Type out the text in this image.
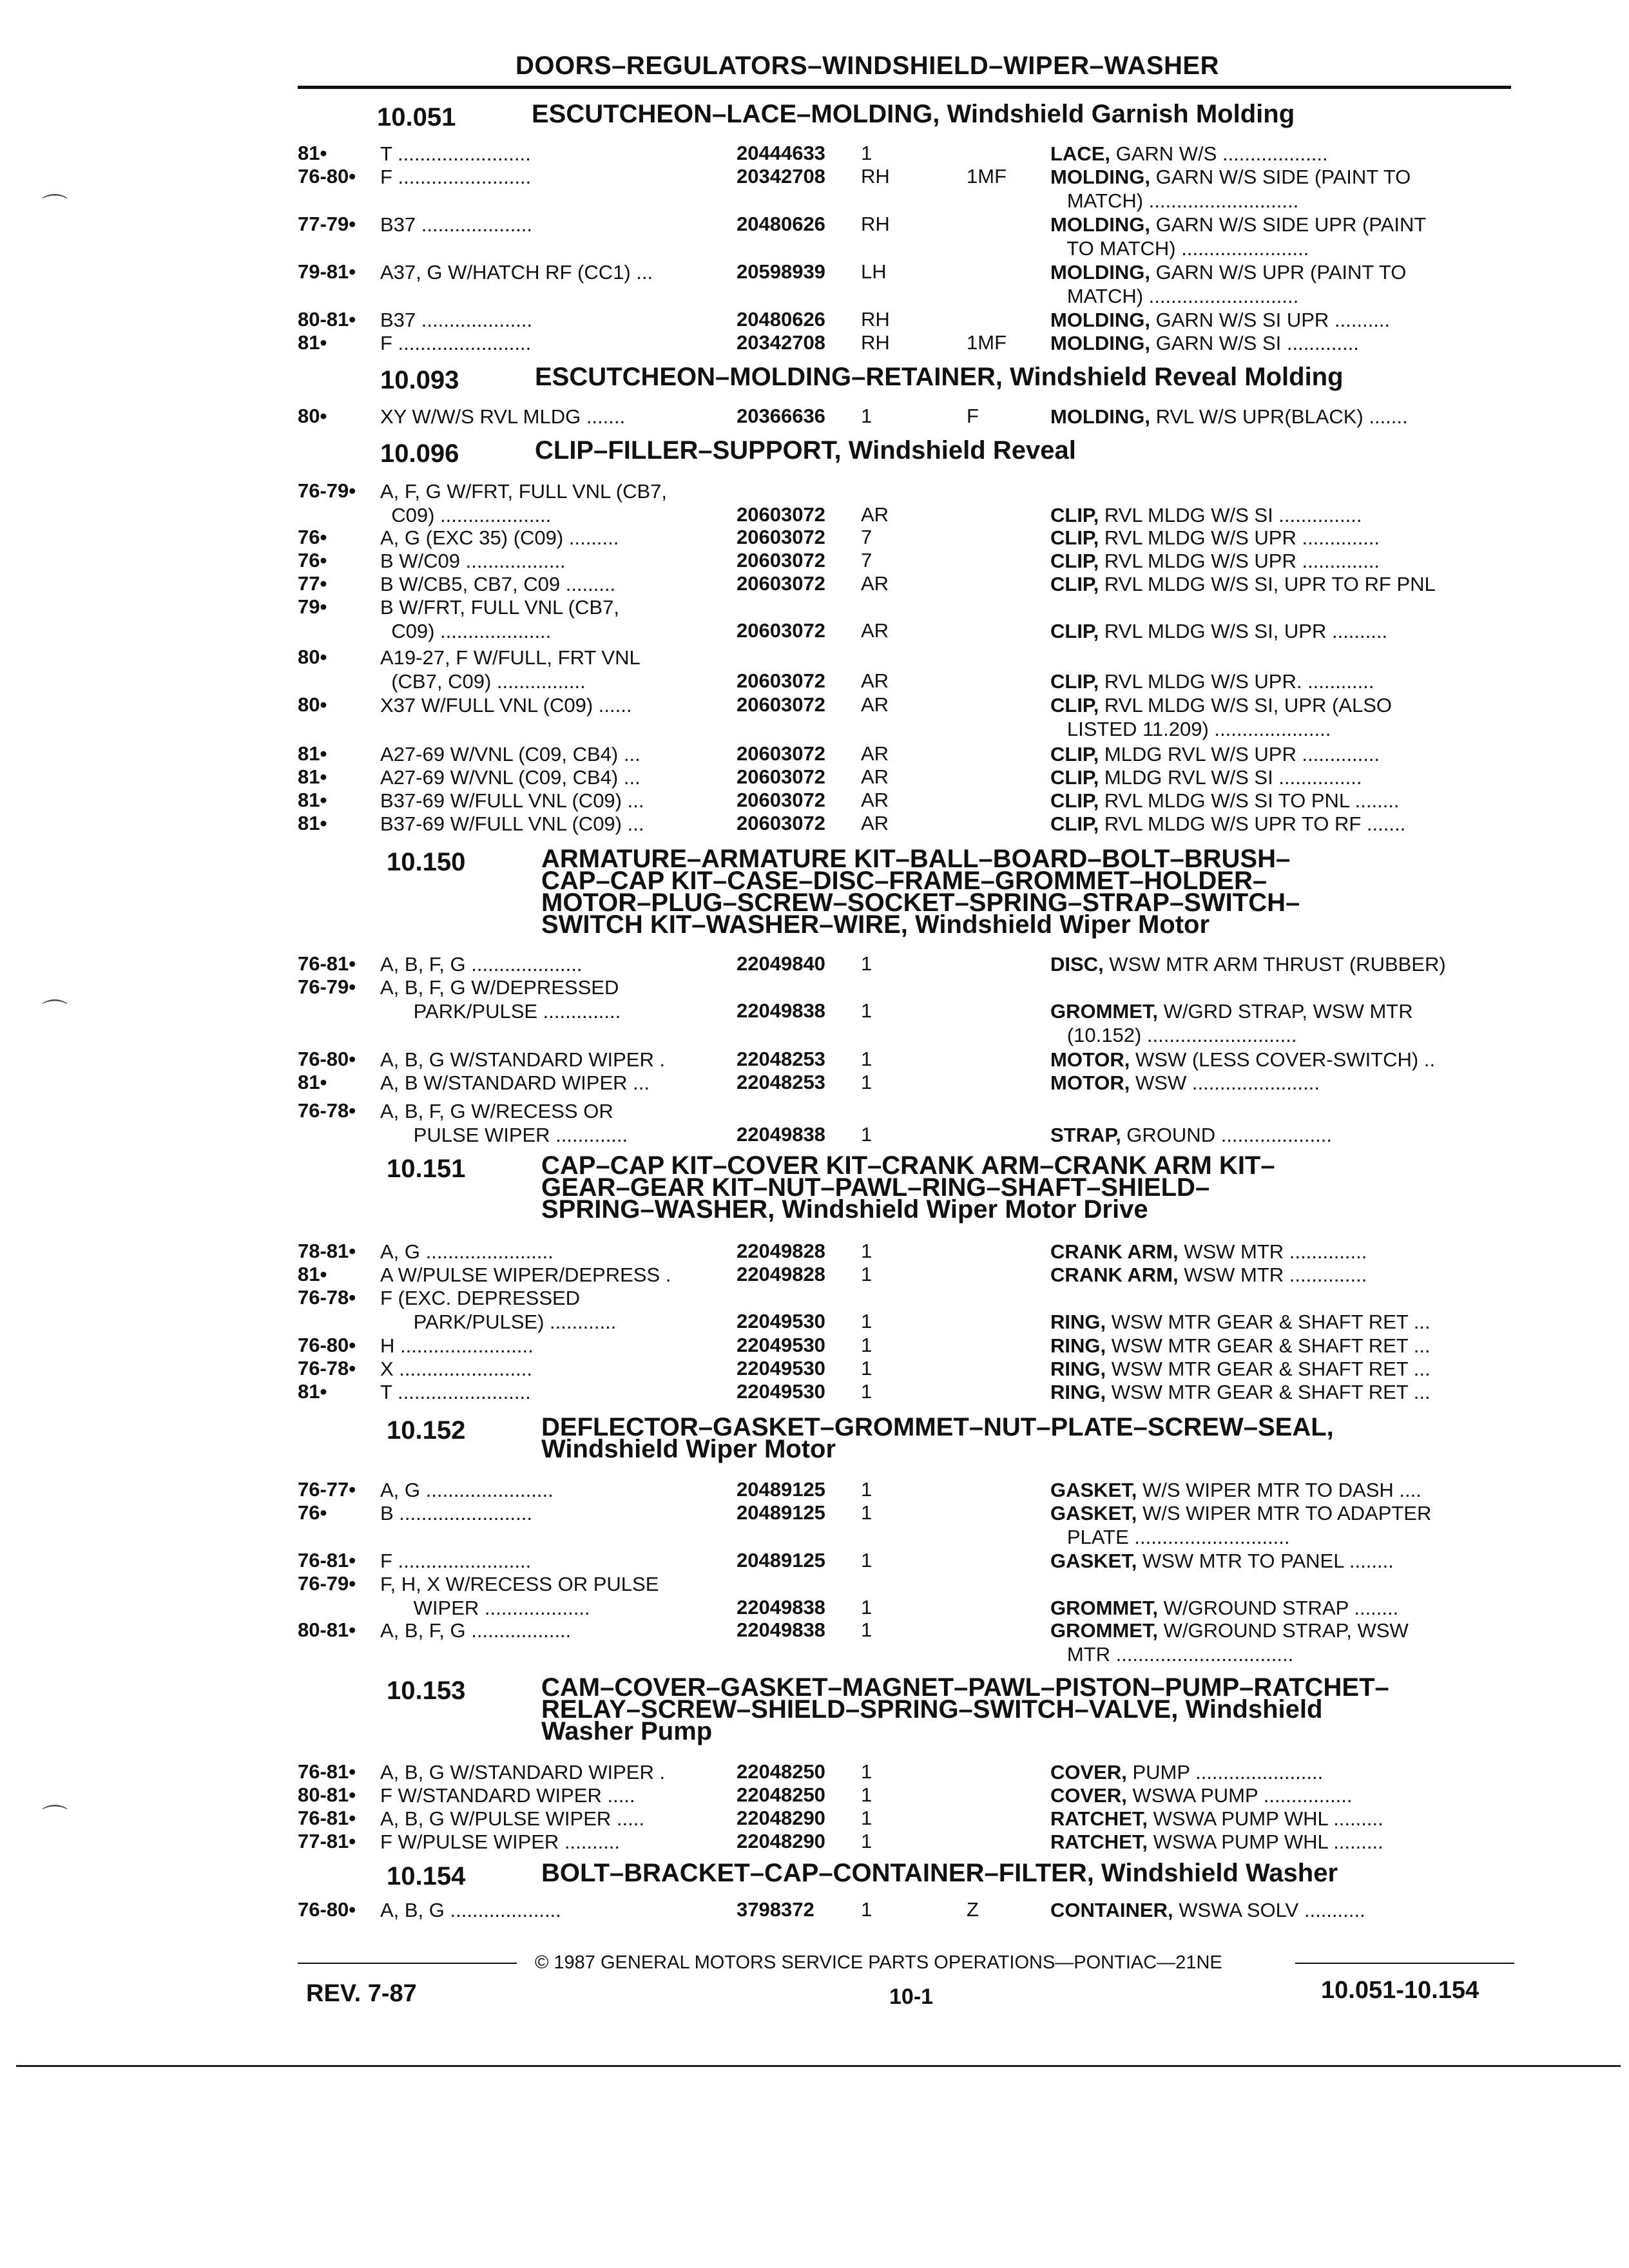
DOORS–REGULATORS–WINDSHIELD–WIPER–WASHER
10.051	ESCUTCHEON–LACE–MOLDING, Windshield Garnish Molding
81•	T ........................	20444633 1	LACE, GARN W/S ...................
76-80• F ........................	20342708 RH	1MF MOLDING, GARN W/S SIDE (PAINT TO
MATCH) ...........................
77-79• B37 ....................	20480626 RH	MOLDING, GARN W/S SIDE UPR (PAINT
TO MATCH) .......................
79-81• A37, G W/HATCH RF (CC1) ...	20598939 LH	MOLDING, GARN W/S UPR (PAINT TO
MATCH) ...........................
80-81• B37 ....................	20480626 RH	MOLDING, GARN W/S SI UPR ..........
81•	F ........................	20342708 RH	1MF MOLDING, GARN W/S SI .............
10.093	ESCUTCHEON–MOLDING–RETAINER, Windshield Reveal Molding
80•	XY W/W/S RVL MLDG .......	20366636 1	F	MOLDING, RVL W/S UPR(BLACK) .......
10.096	CLIP–FILLER–SUPPORT, Windshield Reveal
76-79• A, F, G W/FRT, FULL VNL (CB7,
C09) ....................	20603072 AR	CLIP, RVL MLDG W/S SI ...............
76•	A, G (EXC 35) (C09) .........	20603072 7	CLIP, RVL MLDG W/S UPR ..............
76•	B W/C09 ..................	20603072 7	CLIP, RVL MLDG W/S UPR ..............
77•	B W/CB5, CB7, C09 .........	20603072 AR	CLIP, RVL MLDG W/S SI, UPR TO RF PNL
79•	B W/FRT, FULL VNL (CB7,
C09) ....................	20603072 AR	CLIP, RVL MLDG W/S SI, UPR ..........
80•	A19-27, F W/FULL, FRT VNL
(CB7, C09) ................	20603072 AR	CLIP, RVL MLDG W/S UPR. ............
80•	X37 W/FULL VNL (C09) ......	20603072 AR	CLIP, RVL MLDG W/S SI, UPR (ALSO
LISTED 11.209) .....................
81•	A27-69 W/VNL (C09, CB4) ...	20603072 AR	CLIP, MLDG RVL W/S UPR ..............
81•	A27-69 W/VNL (C09, CB4) ...	20603072 AR	CLIP, MLDG RVL W/S SI ...............
81•	B37-69 W/FULL VNL (C09) ...	20603072 AR	CLIP, RVL MLDG W/S SI TO PNL ........
81•	B37-69 W/FULL VNL (C09) ...	20603072 AR	CLIP, RVL MLDG W/S UPR TO RF .......
10.150	ARMATURE–ARMATURE KIT–BALL–BOARD–BOLT–BRUSH–
CAP–CAP KIT–CASE–DISC–FRAME–GROMMET–HOLDER–
MOTOR–PLUG–SCREW–SOCKET–SPRING–STRAP–SWITCH–
SWITCH KIT–WASHER–WIRE, Windshield Wiper Motor
76-81• A, B, F, G ....................	22049840 1	DISC, WSW MTR ARM THRUST (RUBBER)
76-79• A, B, F, G W/DEPRESSED
PARK/PULSE ..............	22049838 1	GROMMET, W/GRD STRAP, WSW MTR
(10.152) ...........................
76-80• A, B, G W/STANDARD WIPER .	22048253 1	MOTOR, WSW (LESS COVER-SWITCH) ..
81•	A, B W/STANDARD WIPER ...	22048253 1	MOTOR, WSW .......................
76-78• A, B, F, G W/RECESS OR
PULSE WIPER .............	22049838 1	STRAP, GROUND ....................
10.151	CAP–CAP KIT–COVER KIT–CRANK ARM–CRANK ARM KIT–
GEAR–GEAR KIT–NUT–PAWL–RING–SHAFT–SHIELD–
SPRING–WASHER, Windshield Wiper Motor Drive
78-81• A, G .......................	22049828 1	CRANK ARM, WSW MTR ..............
81•	A W/PULSE WIPER/DEPRESS .	22049828 1	CRANK ARM, WSW MTR ..............
76-78• F (EXC. DEPRESSED
PARK/PULSE) ............	22049530 1	RING, WSW MTR GEAR & SHAFT RET ...
76-80• H ........................	22049530 1	RING, WSW MTR GEAR & SHAFT RET ...
76-78• X ........................	22049530 1	RING, WSW MTR GEAR & SHAFT RET ...
81•	T ........................	22049530 1	RING, WSW MTR GEAR & SHAFT RET ...
10.152	DEFLECTOR–GASKET–GROMMET–NUT–PLATE–SCREW–SEAL,
Windshield Wiper Motor
76-77• A, G .......................	20489125 1	GASKET, W/S WIPER MTR TO DASH ....
76•	B ........................	20489125 1	GASKET, W/S WIPER MTR TO ADAPTER
PLATE ............................
76-81• F ........................	20489125 1	GASKET, WSW MTR TO PANEL ........
76-79• F, H, X W/RECESS OR PULSE
WIPER ...................	22049838 1	GROMMET, W/GROUND STRAP ........
80-81• A, B, F, G ..................	22049838 1	GROMMET, W/GROUND STRAP, WSW
MTR ................................
10.153	CAM–COVER–GASKET–MAGNET–PAWL–PISTON–PUMP–RATCHET–
RELAY–SCREW–SHIELD–SPRING–SWITCH–VALVE, Windshield
Washer Pump
76-81• A, B, G W/STANDARD WIPER .	22048250 1	COVER, PUMP .......................
80-81• F W/STANDARD WIPER .....	22048250 1	COVER, WSWA PUMP ................
76-81• A, B, G W/PULSE WIPER .....	22048290 1	RATCHET, WSWA PUMP WHL .........
77-81• F W/PULSE WIPER ..........	22048290 1	RATCHET, WSWA PUMP WHL .........
10.154	BOLT–BRACKET–CAP–CONTAINER–FILTER, Windshield Washer
76-80• A, B, G ....................	3798372 1	Z	CONTAINER, WSWA SOLV ...........
© 1987 GENERAL MOTORS SERVICE PARTS OPERATIONS—PONTIAC—21NE
REV. 7-87	10-1	10.051-10.154
⌒
⌒
⌒
